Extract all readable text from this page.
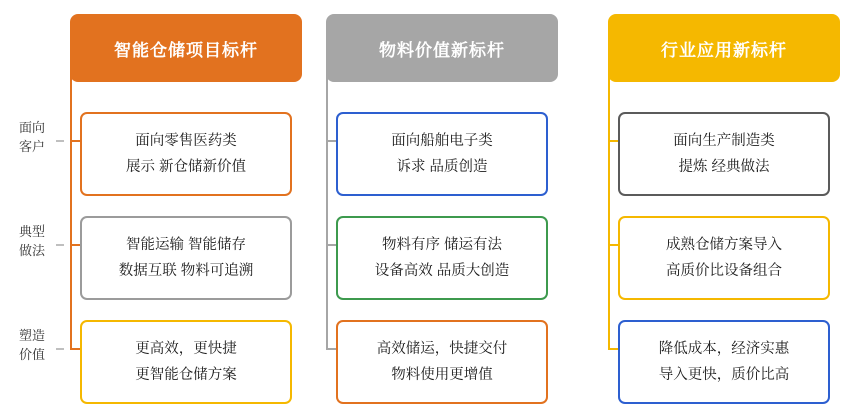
面向
客户
典型
做法
塑造
价值
智能仓储项目标杆
面向零售医药类
展示 新仓储新价值
智能运输 智能储存
数据互联 物料可追溯
更高效，更快捷
更智能仓储方案
物料价值新标杆
面向船舶电子类
诉求 品质创造
物料有序 储运有法
设备高效 品质大创造
高效储运，快捷交付
物料使用更增值
行业应用新标杆
面向生产制造类
提炼 经典做法
成熟仓储方案导入
高质价比设备组合
降低成本，经济实惠
导入更快，质价比高
